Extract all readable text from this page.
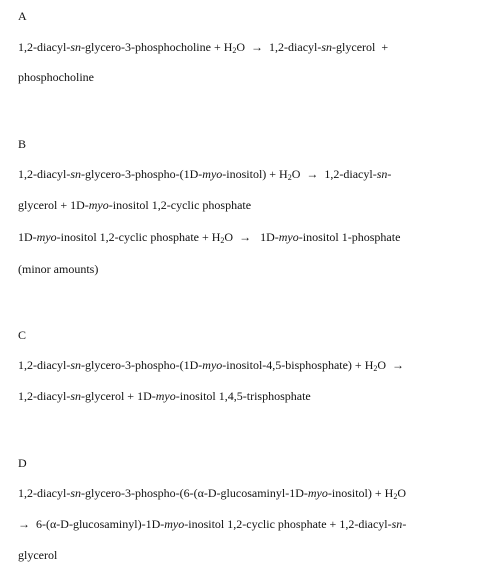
A
1,2-diacyl-sn-glycero-3-phosphocholine + $H_2O$  →  1,2-diacyl-sn-glycerol  +
phosphocholine
B
1,2-diacyl-sn-glycero-3-phospho-(1D-myo-inositol) + $H_2O$  →  1,2-diacyl-sn-
glycerol + 1D-myo-inositol 1,2-cyclic phosphate
1D-myo-inositol 1,2-cyclic phosphate + $H_2O$  →   1D-myo-inositol 1-phosphate
(minor amounts)
C
1,2-diacyl-sn-glycero-3-phospho-(1D-myo-inositol-4,5-bisphosphate) + $H_2O$  →
1,2-diacyl-sn-glycerol + 1D-myo-inositol 1,4,5-trisphosphate
D
1,2-diacyl-sn-glycero-3-phospho-(6-(α-D-glucosaminyl-1D-myo-inositol) + $H_2O$
→  6-(α-D-glucosaminyl)-1D-myo-inositol 1,2-cyclic phosphate + 1,2-diacyl-sn-
glycerol
